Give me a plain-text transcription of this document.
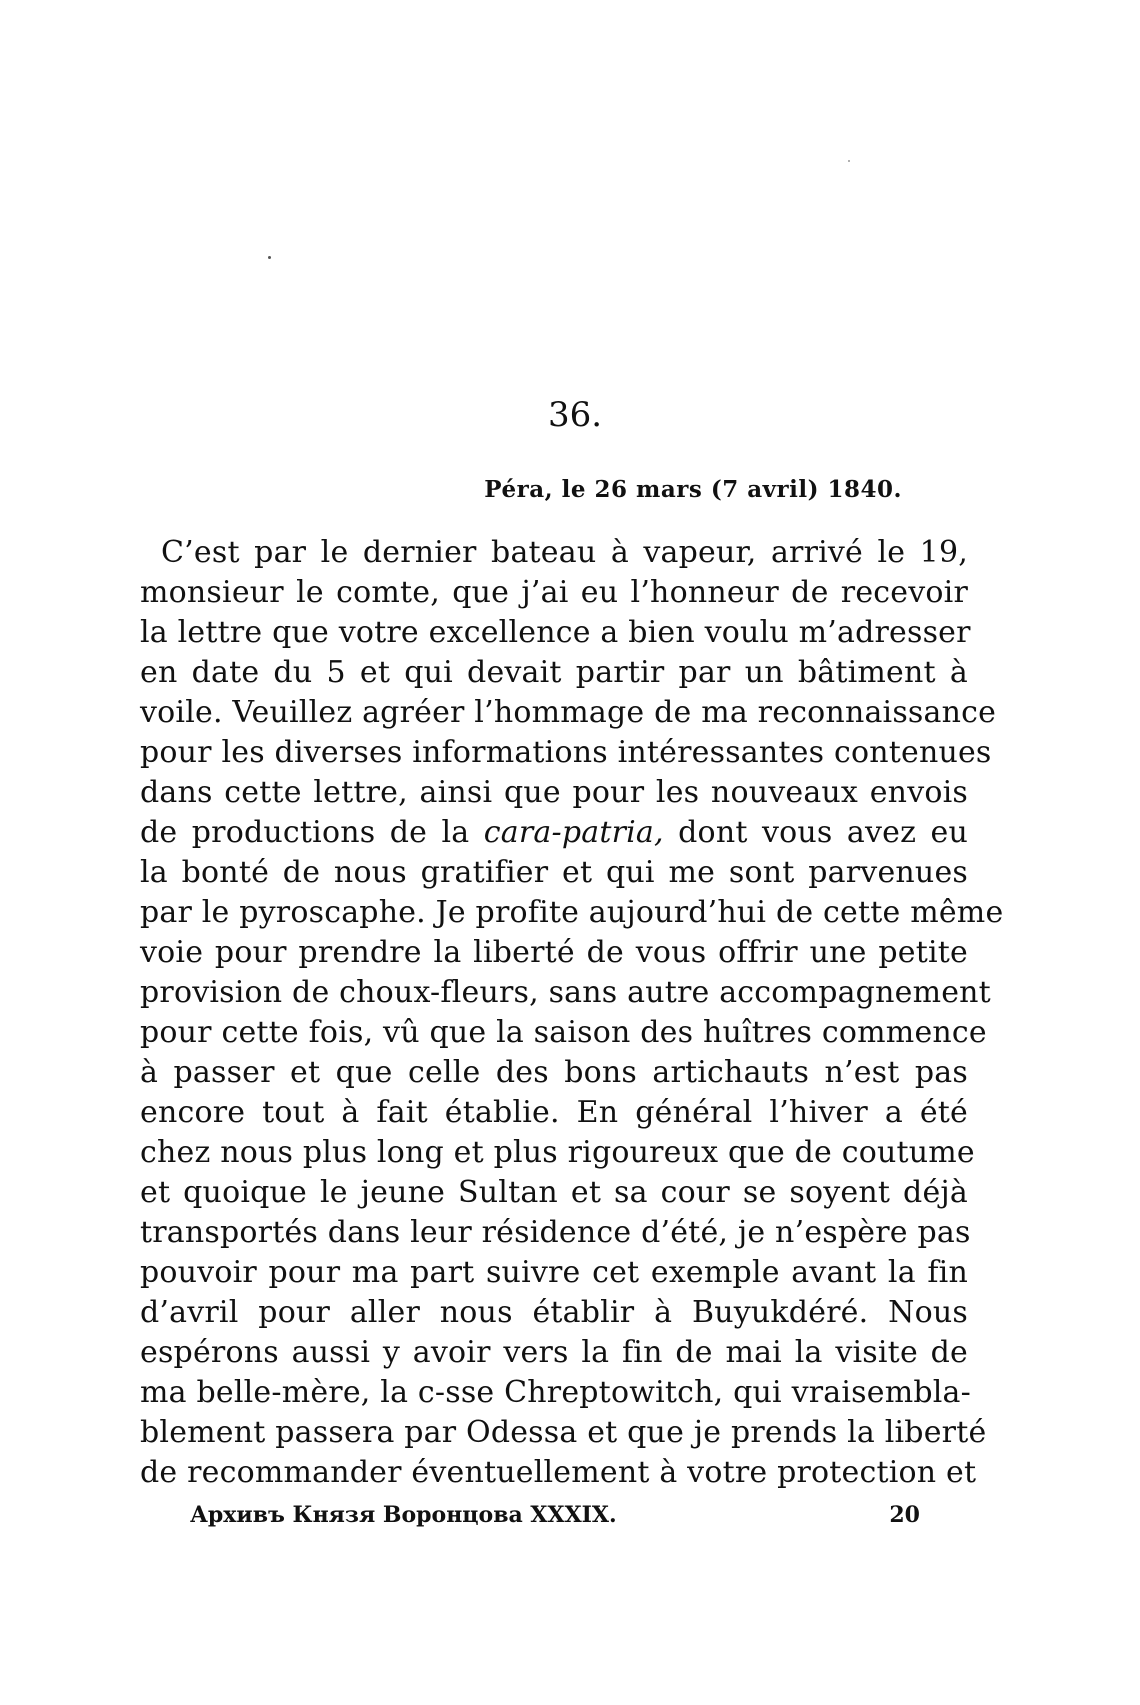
36.
Péra, le 26 mars (7 avril) 1840.
C’est par le dernier bateau à vapeur, arrivé le 19,
monsieur le comte, que j’ai eu l’honneur de recevoir
la lettre que votre excellence a bien voulu m’adresser
en date du 5 et qui devait partir par un bâtiment à
voile. Veuillez agréer l’hommage de ma reconnaissance
pour les diverses informations intéressantes contenues
dans cette lettre, ainsi que pour les nouveaux envois
de productions de la cara-patria, dont vous avez eu
la bonté de nous gratifier et qui me sont parvenues
par le pyroscaphe. Je profite aujourd’hui de cette même
voie pour prendre la liberté de vous offrir une petite
provision de choux-fleurs, sans autre accompagnement
pour cette fois, vû que la saison des huîtres commence
à passer et que celle des bons artichauts n’est pas
encore tout à fait établie. En général l’hiver a été
chez nous plus long et plus rigoureux que de coutume
et quoique le jeune Sultan et sa cour se soyent déjà
transportés dans leur résidence d’été, je n’espère pas
pouvoir pour ma part suivre cet exemple avant la fin
d’avril pour aller nous établir à Buyukdéré. Nous
espérons aussi y avoir vers la fin de mai la visite de
ma belle-mère, la c-sse Chreptowitch, qui vraisembla-
blement passera par Odessa et que je prends la liberté
de recommander éventuellement à votre protection et
Архивъ Князя Воронцова XXXIX.	20
